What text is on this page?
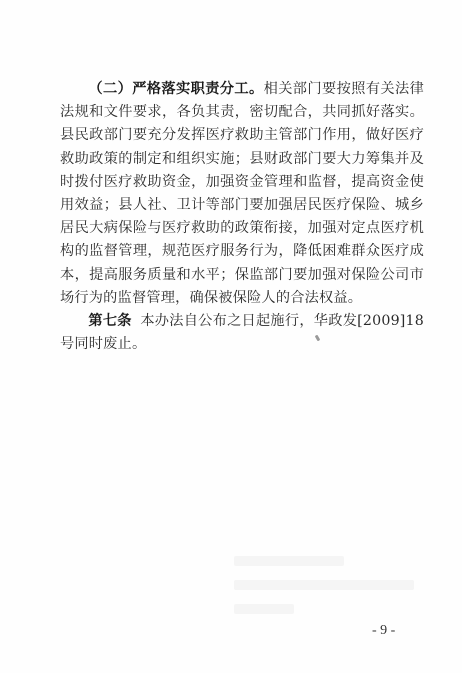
（二）严格落实职责分工。相关部门要按照有关法律法规和文件要求，各负其责，密切配合，共同抓好落实。县民政部门要充分发挥医疗救助主管部门作用，做好医疗救助政策的制定和组织实施；县财政部门要大力筹集并及时拨付医疗救助资金，加强资金管理和监督，提高资金使用效益；县人社、卫计等部门要加强居民医疗保险、城乡居民大病保险与医疗救助的政策衔接，加强对定点医疗机构的监督管理，规范医疗服务行为，降低困难群众医疗成本，提高服务质量和水平；保监部门要加强对保险公司市场行为的监督管理，确保被保险人的合法权益。

第七条 本办法自公布之日起施行，华政发[2009]18 号同时废止。

- 9 -
